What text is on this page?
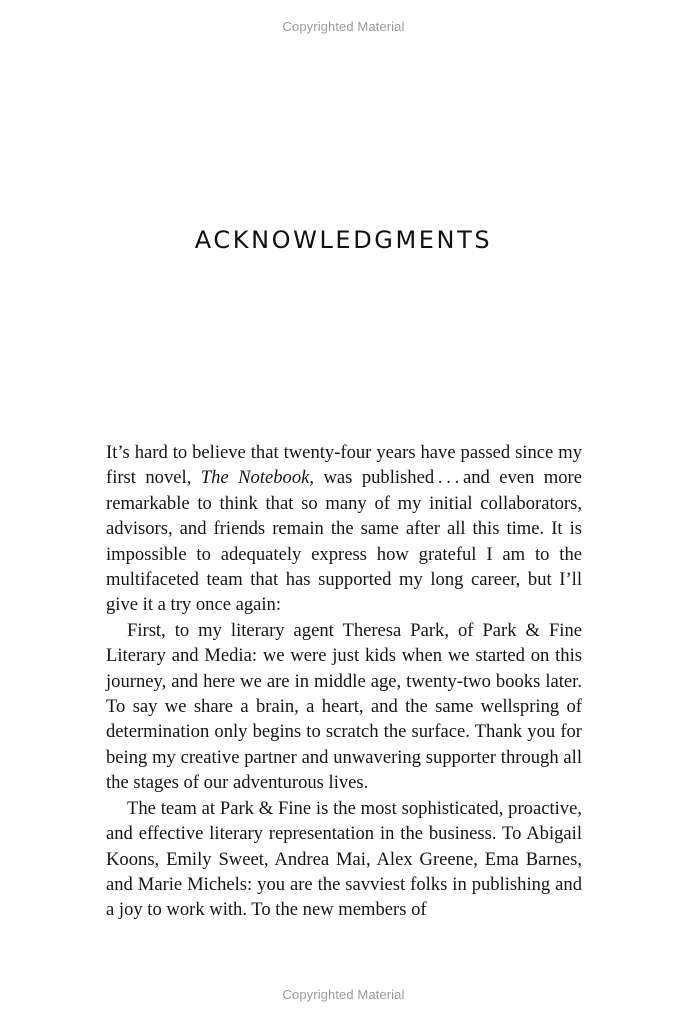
Copyrighted Material
ACKNOWLEDGMENTS

It’s hard to believe that twenty-four years have passed since my first novel, The Notebook, was published . . . and even more remarkable to think that so many of my initial collaborators, advisors, and friends remain the same after all this time. It is impossible to adequately express how grateful I am to the multifaceted team that has supported my long career, but I’ll give it a try once again:

First, to my literary agent Theresa Park, of Park & Fine Literary and Media: we were just kids when we started on this journey, and here we are in middle age, twenty-two books later. To say we share a brain, a heart, and the same wellspring of determination only begins to scratch the surface. Thank you for being my creative partner and unwavering supporter through all the stages of our adventurous lives.

The team at Park & Fine is the most sophisticated, proactive, and effective literary representation in the business. To Abigail Koons, Emily Sweet, Andrea Mai, Alex Greene, Ema Barnes, and Marie Michels: you are the savviest folks in publishing and a joy to work with. To the new members of

Copyrighted Material
